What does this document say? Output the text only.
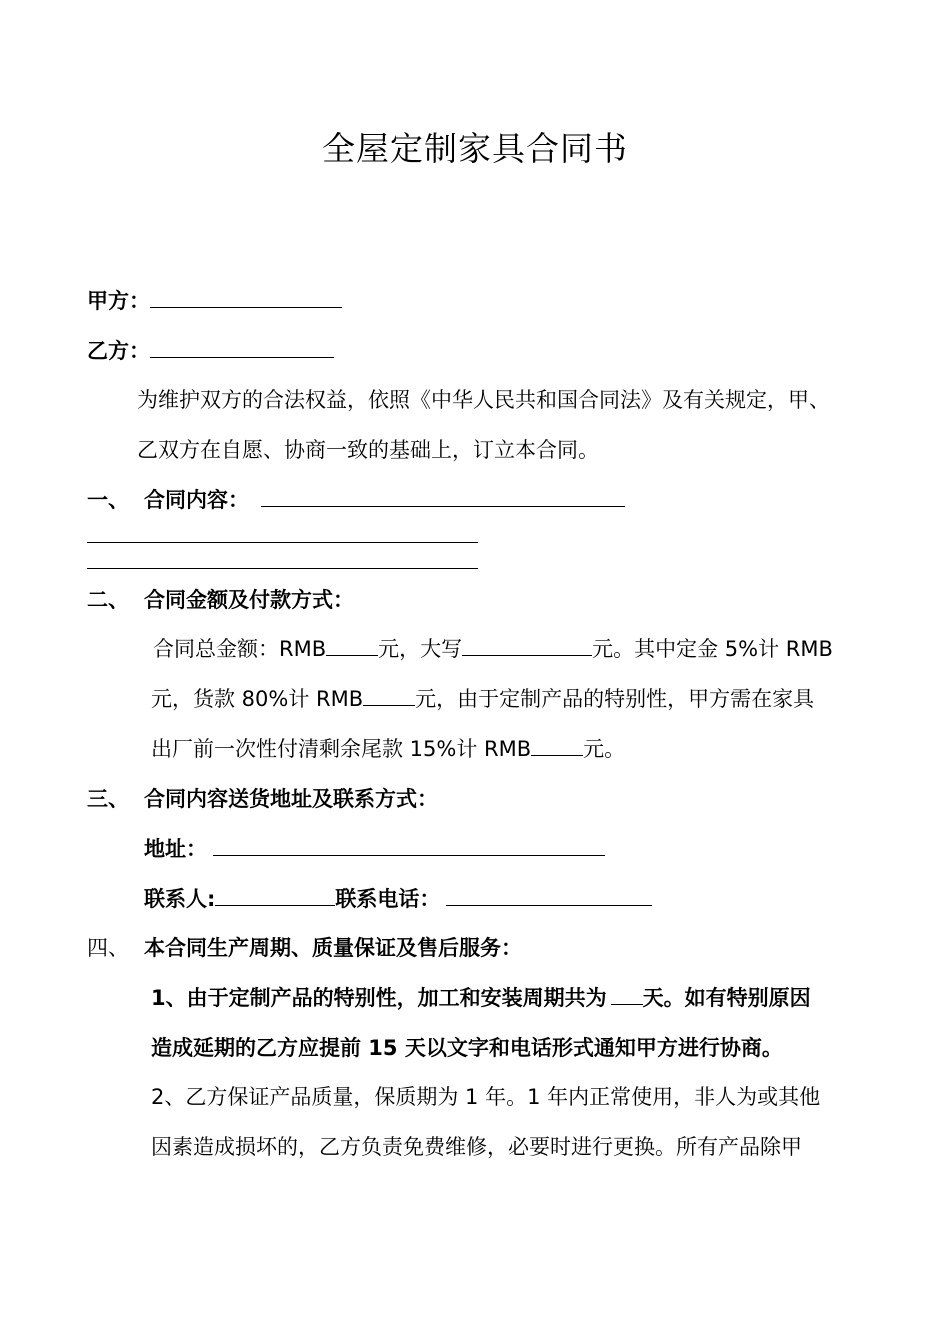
全屋定制家具合同书
甲方：
乙方：
为维护双方的合法权益，依照《中华人民共和国合同法》及有关规定，甲、
乙双方在自愿、协商一致的基础上，订立本合同。
一、 合同内容：
二、 合同金额及付款方式：
合同总金额：RMB 元，大写	元。其中定金 5%计 RMB
元，货款 80%计 RMB 元，由于定制产品的特别性，甲方需在家具
出厂前一次性付清剩余尾款 15%计 RMB 元。
三、 合同内容送货地址及联系方式：
地址：
联系人:	联系电话：
四、 本合同生产周期、质量保证及售后服务：
1、由于定制产品的特别性，加工和安装周期共为 天。如有特别原因
造成延期的乙方应提前 15 天以文字和电话形式通知甲方进行协商。
2、乙方保证产品质量，保质期为 1 年。1 年内正常使用，非人为或其他
因素造成损坏的，乙方负责免费维修，必要时进行更换。所有产品除甲
